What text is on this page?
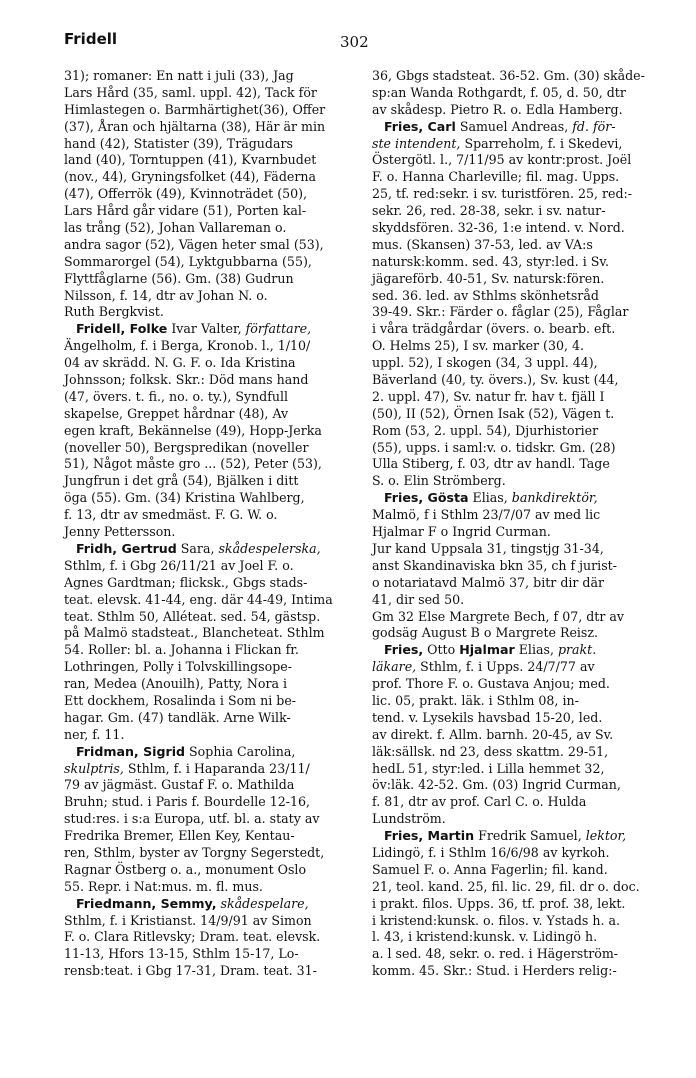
Fridell	302
31); romaner: En natt i juli (33), Jag
Lars Hård (35, saml. uppl. 42), Tack för
Himlastegen o. Barmhärtighet(36), Offer
(37), Åran och hjältarna (38), Här är min
hand (42), Statister (39), Trägudars
land (40), Torntuppen (41), Kvarnbudet
(nov., 44), Gryningsfolket (44), Fäderna
(47), Offerrök (49), Kvinnoträdet (50),
Lars Hård går vidare (51), Porten kal-
las trång (52), Johan Vallareman o.
andra sagor (52), Vägen heter smal (53),
Sommarorgel (54), Lyktgubbarna (55),
Flyttfåglarne (56). Gm. (38) Gudrun
Nilsson, f. 14, dtr av Johan N. o.
Ruth Bergkvist.
Fridell, Folke Ivar Valter, författare,
Ängelholm, f. i Berga, Kronob. l., 1/10/
04 av skrädd. N. G. F. o. Ida Kristina
Johnsson; folksk. Skr.: Död mans hand
(47, övers. t. fi., no. o. ty.), Syndfull
skapelse, Greppet hårdnar (48), Av
egen kraft, Bekännelse (49), Hopp-Jerka
(noveller 50), Bergspredikan (noveller
51), Något måste gro ... (52), Peter (53),
Jungfrun i det grå (54), Bjälken i ditt
öga (55). Gm. (34) Kristina Wahlberg,
f. 13, dtr av smedmäst. F. G. W. o.
Jenny Pettersson.
Fridh, Gertrud Sara, skådespelerska,
Sthlm, f. i Gbg 26/11/21 av Joel F. o.
Agnes Gardtman; flicksk., Gbgs stads-
teat. elevsk. 41-44, eng. där 44-49, Intima
teat. Sthlm 50, Alléteat. sed. 54, gästsp.
på Malmö stadsteat., Blancheteat. Sthlm
54. Roller: bl. a. Johanna i Flickan fr.
Lothringen, Polly i Tolvskillingsope-
ran, Medea (Anouilh), Patty, Nora i
Ett dockhem, Rosalinda i Som ni be-
hagar. Gm. (47) tandläk. Arne Wilk-
ner, f. 11.
Fridman, Sigrid Sophia Carolina,
skulptris, Sthlm, f. i Haparanda 23/11/
79 av jägmäst. Gustaf F. o. Mathilda
Bruhn; stud. i Paris f. Bourdelle 12-16,
stud:res. i s:a Europa, utf. bl. a. staty av
Fredrika Bremer, Ellen Key, Kentau-
ren, Sthlm, byster av Torgny Segerstedt,
Ragnar Östberg o. a., monument Oslo
55. Repr. i Nat:mus. m. fl. mus.
Friedmann, Semmy, skådespelare,
Sthlm, f. i Kristianst. 14/9/91 av Simon
F. o. Clara Ritlevsky; Dram. teat. elevsk.
11-13, Hfors 13-15, Sthlm 15-17, Lo-
rensb:teat. i Gbg 17-31, Dram. teat. 31-
36, Gbgs stadsteat. 36-52. Gm. (30) skåde-
sp:an Wanda Rothgardt, f. 05, d. 50, dtr
av skådesp. Pietro R. o. Edla Hamberg.
Fries, Carl Samuel Andreas, fd. för-
ste intendent, Sparreholm, f. i Skedevi,
Östergötl. l., 7/11/95 av kontr:prost. Joël
F. o. Hanna Charleville; fil. mag. Upps.
25, tf. red:sekr. i sv. turistfören. 25, red:-
sekr. 26, red. 28-38, sekr. i sv. natur-
skyddsfören. 32-36, 1:e intend. v. Nord.
mus. (Skansen) 37-53, led. av VA:s
natursk:komm. sed. 43, styr:led. i Sv.
jägareförb. 40-51, Sv. natursk:fören.
sed. 36. led. av Sthlms skönhetsråd
39-49. Skr.: Färder o. fåglar (25), Fåglar
i våra trädgårdar (övers. o. bearb. eft.
O. Helms 25), I sv. marker (30, 4.
uppl. 52), I skogen (34, 3 uppl. 44),
Bäverland (40, ty. övers.), Sv. kust (44,
2. uppl. 47), Sv. natur fr. hav t. fjäll I
(50), II (52), Örnen Isak (52), Vägen t.
Rom (53, 2. uppl. 54), Djurhistorier
(55), upps. i saml:v. o. tidskr. Gm. (28)
Ulla Stiberg, f. 03, dtr av handl. Tage
S. o. Elin Strömberg.
Fries, Gösta Elias, bankdirektör,
Malmö, f i Sthlm 23/7/07 av med lic
Hjalmar F o Ingrid Curman.
Jur kand Uppsala 31, tingstjg 31-34,
anst Skandinaviska bkn 35, ch f jurist-
o notariatavd Malmö 37, bitr dir där
41, dir sed 50.
Gm 32 Else Margrete Bech, f 07, dtr av
godsäg August B o Margrete Reisz.
Fries, Otto Hjalmar Elias, prakt.
läkare, Sthlm, f. i Upps. 24/7/77 av
prof. Thore F. o. Gustava Anjou; med.
lic. 05, prakt. läk. i Sthlm 08, in-
tend. v. Lysekils havsbad 15-20, led.
av direkt. f. Allm. barnh. 20-45, av Sv.
läk:sällsk. nd 23, dess skattm. 29-51,
hedL 51, styr:led. i Lilla hemmet 32,
öv:läk. 42-52. Gm. (03) Ingrid Curman,
f. 81, dtr av prof. Carl C. o. Hulda
Lundström.
Fries, Martin Fredrik Samuel, lektor,
Lidingö, f. i Sthlm 16/6/98 av kyrkoh.
Samuel F. o. Anna Fagerlin; fil. kand.
21, teol. kand. 25, fil. lic. 29, fil. dr o. doc.
i prakt. filos. Upps. 36, tf. prof. 38, lekt.
i kristend:kunsk. o. filos. v. Ystads h. a.
l. 43, i kristend:kunsk. v. Lidingö h.
a. l sed. 48, sekr. o. red. i Hägerström-
komm. 45. Skr.: Stud. i Herders relig:-
